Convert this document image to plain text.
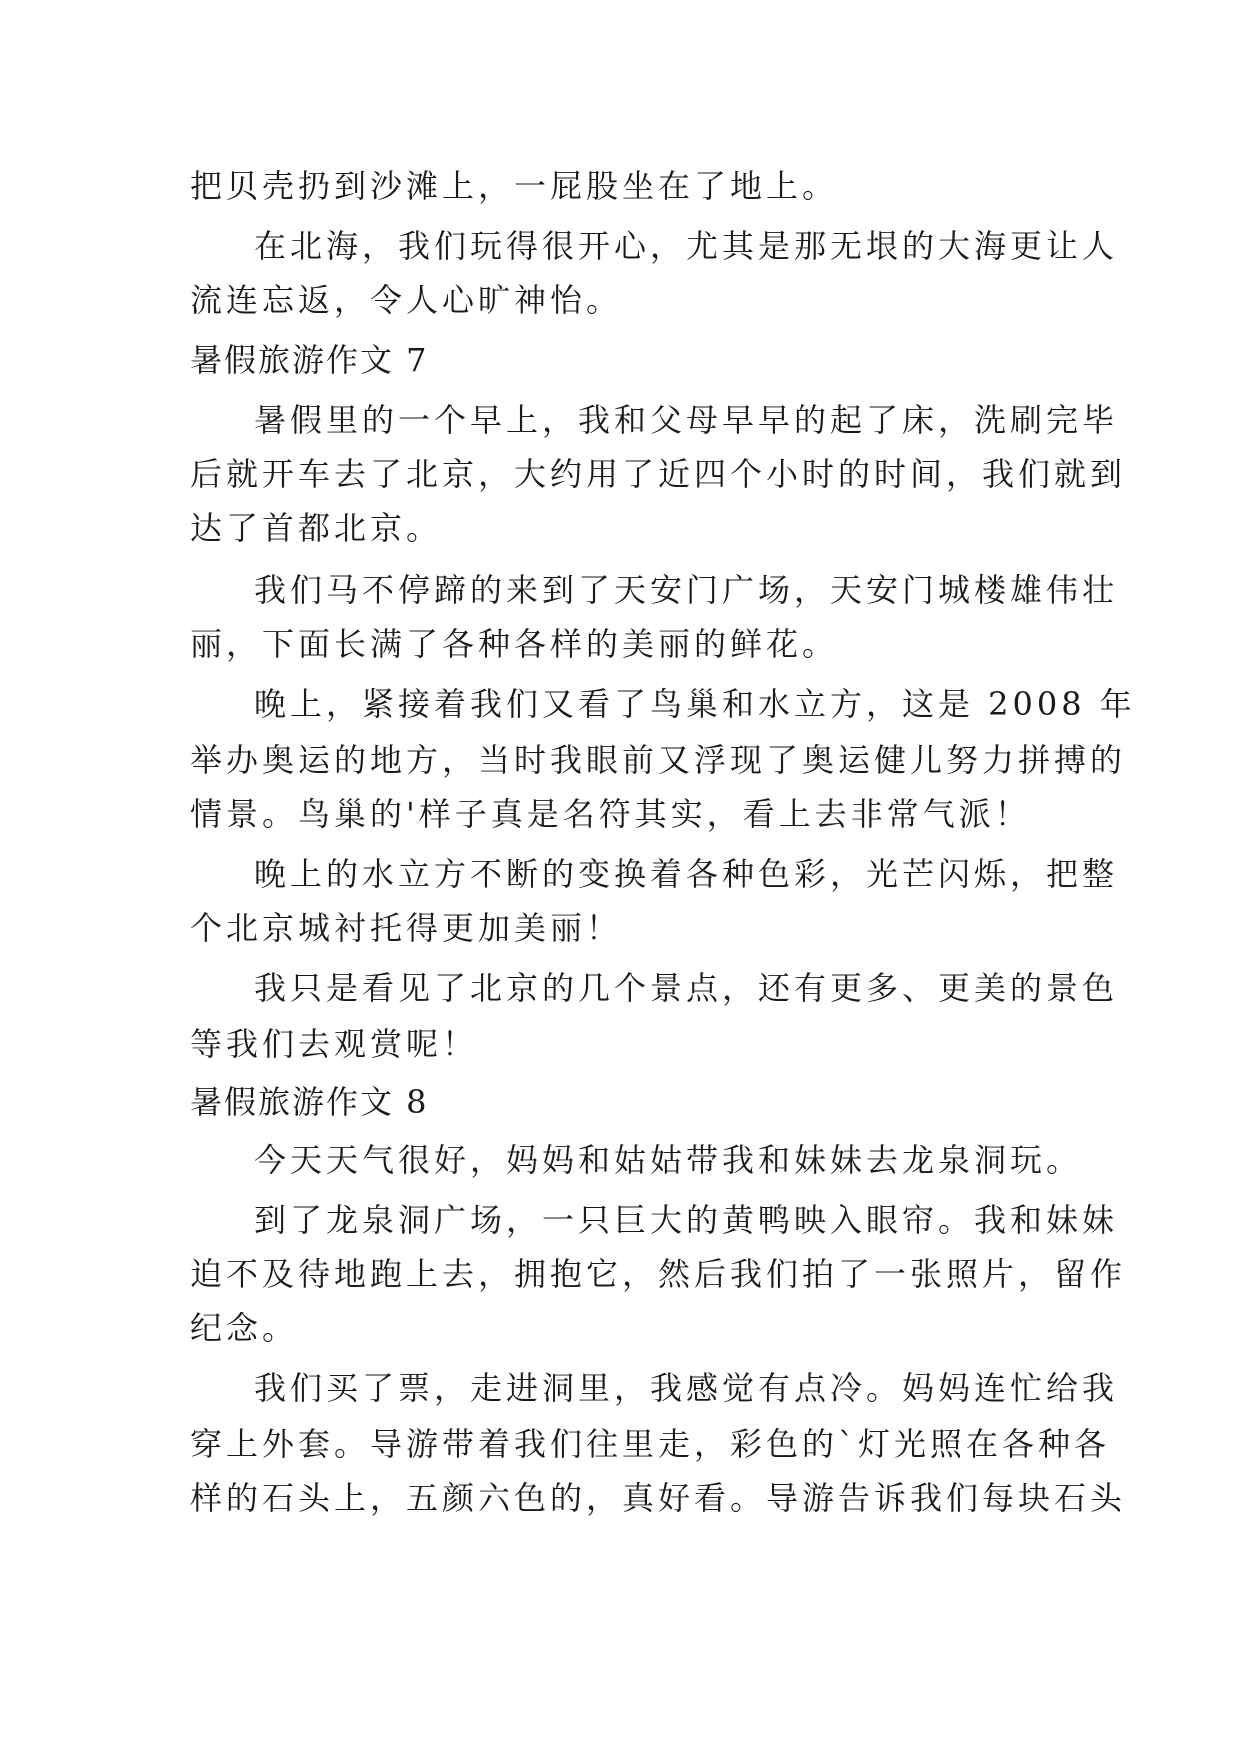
把贝壳扔到沙滩上，一屁股坐在了地上。
在北海，我们玩得很开心，尤其是那无垠的大海更让人
流连忘返，令人心旷神怡。
暑假旅游作文 7
暑假里的一个早上，我和父母早早的起了床，洗刷完毕
后就开车去了北京，大约用了近四个小时的时间，我们就到
达了首都北京。
我们马不停蹄的来到了天安门广场，天安门城楼雄伟壮
丽，下面长满了各种各样的美丽的鲜花。
晚上，紧接着我们又看了鸟巢和水立方，这是 2008 年
举办奥运的地方，当时我眼前又浮现了奥运健儿努力拼搏的
情景。鸟巢的'样子真是名符其实，看上去非常气派！
晚上的水立方不断的变换着各种色彩，光芒闪烁，把整
个北京城衬托得更加美丽！
我只是看见了北京的几个景点，还有更多、更美的景色
等我们去观赏呢！
暑假旅游作文 8
今天天气很好，妈妈和姑姑带我和妹妹去龙泉洞玩。
到了龙泉洞广场，一只巨大的黄鸭映入眼帘。我和妹妹
迫不及待地跑上去，拥抱它，然后我们拍了一张照片，留作
纪念。
我们买了票，走进洞里，我感觉有点冷。妈妈连忙给我
穿上外套。导游带着我们往里走，彩色的`灯光照在各种各
样的石头上，五颜六色的，真好看。导游告诉我们每块石头
